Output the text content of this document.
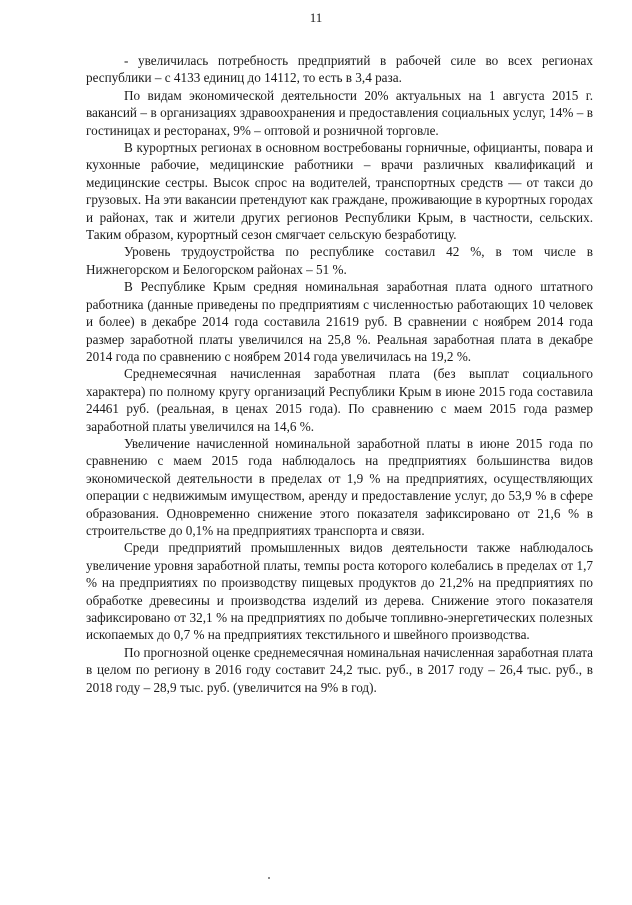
11

- увеличилась потребность предприятий в рабочей силе во всех регионах республики – с 4133 единиц до 14112, то есть в 3,4 раза.

По видам экономической деятельности 20% актуальных на 1 августа 2015 г. вакансий – в организациях здравоохранения и предоставления социальных услуг, 14% – в гостиницах и ресторанах, 9% – оптовой и розничной торговле.

В курортных регионах в основном востребованы горничные, официанты, повара и кухонные рабочие, медицинские работники – врачи различных квалификаций и медицинские сестры. Высок спрос на водителей, транспортных средств — от такси до грузовых. На эти вакансии претендуют как граждане, проживающие в курортных городах и районах, так и жители других регионов Республики Крым, в частности, сельских. Таким образом, курортный сезон смягчает сельскую безработицу.

Уровень трудоустройства по республике составил 42 %, в том числе в Нижнегорском и Белогорском районах – 51 %.

В Республике Крым средняя номинальная заработная плата одного штатного работника (данные приведены по предприятиям с численностью работающих 10 человек и более) в декабре 2014 года составила 21619 руб. В сравнении с ноябрем 2014 года размер заработной платы увеличился на 25,8 %. Реальная заработная плата в декабре 2014 года по сравнению с ноябрем 2014 года увеличилась на 19,2 %.

Среднемесячная начисленная заработная плата (без выплат социального характера) по полному кругу организаций Республики Крым в июне 2015 года составила 24461 руб. (реальная, в ценах 2015 года). По сравнению с маем 2015 года размер заработной платы увеличился на 14,6 %.

Увеличение начисленной номинальной заработной платы в июне 2015 года по сравнению с маем 2015 года наблюдалось на предприятиях большинства видов экономической деятельности в пределах от 1,9 % на предприятиях, осуществляющих операции с недвижимым имуществом, аренду и предоставление услуг, до 53,9 % в сфере образования. Одновременно снижение этого показателя зафиксировано от 21,6 % в строительстве до 0,1% на предприятиях транспорта и связи.

Среди предприятий промышленных видов деятельности также наблюдалось увеличение уровня заработной платы, темпы роста которого колебались в пределах от 1,7 % на предприятиях по производству пищевых продуктов до 21,2% на предприятиях по обработке древесины и производства изделий из дерева. Снижение этого показателя зафиксировано от 32,1 % на предприятиях по добыче топливно-энергетических полезных ископаемых до 0,7 % на предприятиях текстильного и швейного производства.

По прогнозной оценке среднемесячная номинальная начисленная заработная плата в целом по региону в 2016 году составит 24,2 тыс. руб., в 2017 году – 26,4 тыс. руб., в 2018 году – 28,9 тыс. руб. (увеличится на 9% в год).
